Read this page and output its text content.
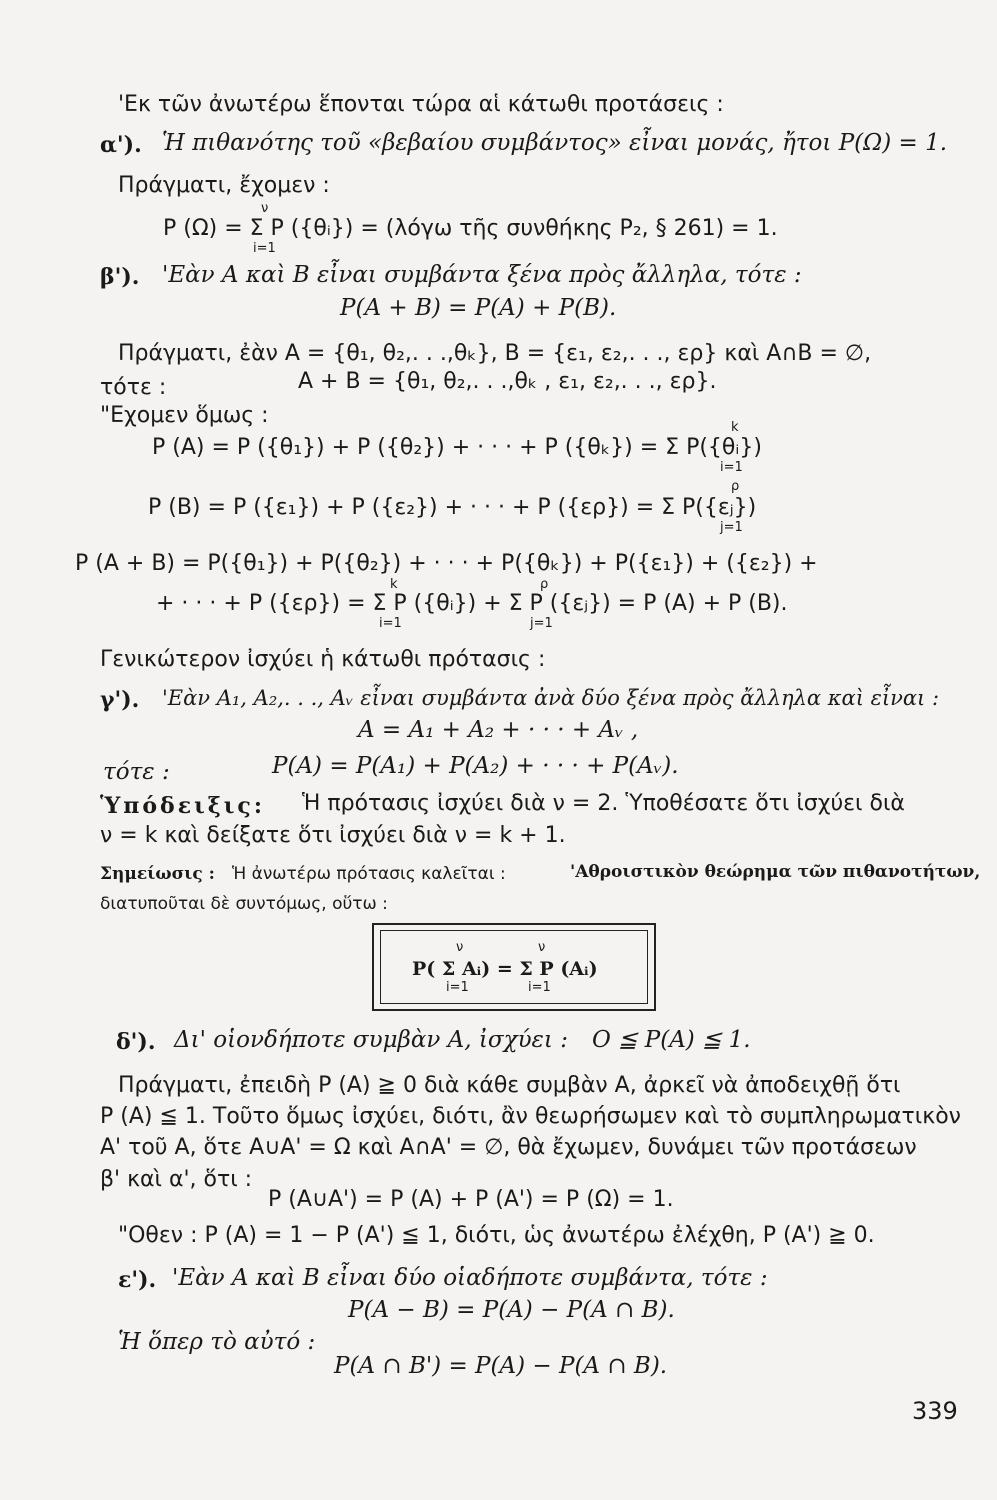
'Εκ τῶν ἀνωτέρω ἕπονται τώρα αἱ κάτωθι προτάσεις :
α'). Ἡ πιθανότης τοῦ «βεβαίου συμβάντος» εἶναι μονάς, ἤτοι P(Ω) = 1.
Πράγματι, ἔχομεν :
ν
P (Ω) = Σ P ({θᵢ}) = (λόγω τῆς συνθήκης P₂, § 261) = 1.
i=1
β'). 'Εὰν A καὶ B εἶναι συμβάντα ξένα πρὸς ἄλληλα, τότε :
P(A + B) = P(A) + P(B).
Πράγματι, ἐὰν A = {θ₁, θ₂,. . .,θₖ}, B = {ε₁, ε₂,. . ., ερ} καὶ A∩B = ∅,
τότε :	A + B = {θ₁, θ₂,. . .,θₖ , ε₁, ε₂,. . ., ερ}.
"Εχομεν ὅμως :	k
P (A) = P ({θ₁}) + P ({θ₂}) + · · · + P ({θₖ}) = Σ P({θᵢ})
i=1
ρ
P (B) = P ({ε₁}) + P ({ε₂}) + · · · + P ({ερ}) = Σ P({εⱼ})
j=1
P (A + B) = P({θ₁}) + P({θ₂}) + · · · + P({θₖ}) + P({ε₁}) + ({ε₂}) +
k	ρ
+ · · · + P ({ερ}) = Σ P ({θᵢ}) + Σ P ({εⱼ}) = P (A) + P (B).
i=1	j=1
Γενικώτερον ἰσχύει ἡ κάτωθι πρότασις :
γ'). 'Εὰν A₁, A₂,. . ., Aᵥ εἶναι συμβάντα ἀνὰ δύο ξένα πρὸς ἄλληλα καὶ εἶναι :
A = A₁ + A₂ + · · · + Aᵥ ,
τότε :	P(A) = P(A₁) + P(A₂) + · · · + P(Aᵥ).
Ὑπόδειξις: Ἡ πρότασις ἰσχύει διὰ ν = 2. Ὑποθέσατε ὅτι ἰσχύει διὰ
ν = k καὶ δείξατε ὅτι ἰσχύει διὰ ν = k + 1.
Σημείωσις : Ἡ ἀνωτέρω πρότασις καλεῖται :	'Αθροιστικὸν θεώρημα τῶν πιθανοτήτων,
διατυποῦται δὲ συντόμως, οὕτω :
ν	ν
P( Σ Aᵢ) = Σ P (Aᵢ)
i=1	i=1
δ'). Δι' οἱονδήποτε συμβὰν A, ἰσχύει : O ≦ P(A) ≦ 1.
Πράγματι, ἐπειδὴ P (A) ≧ 0 διὰ κάθε συμβὰν A, ἀρκεῖ νὰ ἀποδειχθῇ ὅτι
P (A) ≦ 1. Τοῦτο ὅμως ἰσχύει, διότι, ἂν θεωρήσωμεν καὶ τὸ συμπληρωματικὸν
A' τοῦ A, ὅτε A∪A' = Ω καὶ A∩A' = ∅, θὰ ἔχωμεν, δυνάμει τῶν προτάσεων
β' καὶ α', ὅτι :
P (A∪A') = P (A) + P (A') = P (Ω) = 1.
"Οθεν : P (A) = 1 − P (A') ≦ 1, διότι, ὡς ἀνωτέρω ἐλέχθη, P (A') ≧ 0.
ε'). 'Εὰν A καὶ B εἶναι δύο οἱαδήποτε συμβάντα, τότε :
P(A − B) = P(A) − P(A ∩ B).
Ἡ ὅπερ τὸ αὐτό :
P(A ∩ B') = P(A) − P(A ∩ B).
339
